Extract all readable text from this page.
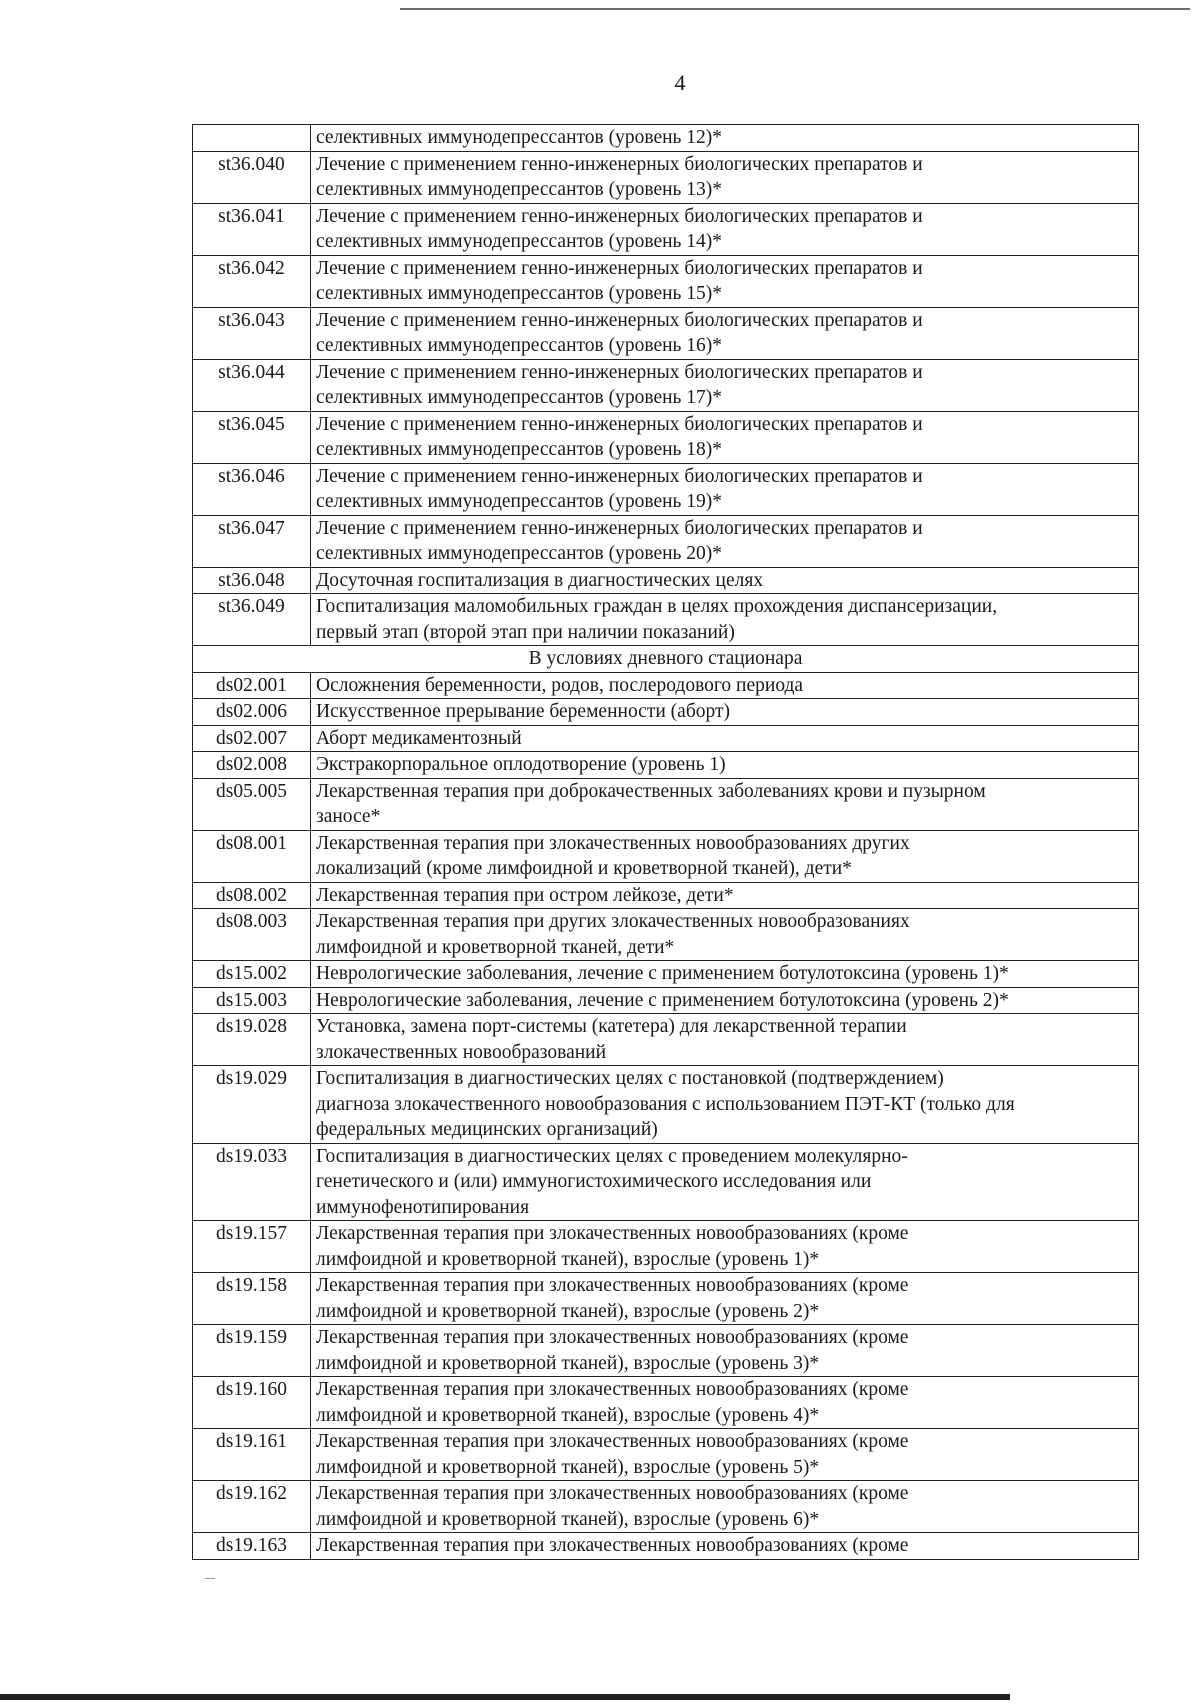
4
	селективных иммунодепрессантов (уровень 12)*
st36.040	Лечение с применением генно-инженерных биологических препаратов и
селективных иммунодепрессантов (уровень 13)*
st36.041	Лечение с применением генно-инженерных биологических препаратов и
селективных иммунодепрессантов (уровень 14)*
st36.042	Лечение с применением генно-инженерных биологических препаратов и
селективных иммунодепрессантов (уровень 15)*
st36.043	Лечение с применением генно-инженерных биологических препаратов и
селективных иммунодепрессантов (уровень 16)*
st36.044	Лечение с применением генно-инженерных биологических препаратов и
селективных иммунодепрессантов (уровень 17)*
st36.045	Лечение с применением генно-инженерных биологических препаратов и
селективных иммунодепрессантов (уровень 18)*
st36.046	Лечение с применением генно-инженерных биологических препаратов и
селективных иммунодепрессантов (уровень 19)*
st36.047	Лечение с применением генно-инженерных биологических препаратов и
селективных иммунодепрессантов (уровень 20)*
st36.048	Досуточная госпитализация в диагностических целях
st36.049	Госпитализация маломобильных граждан в целях прохождения диспансеризации,
первый этап (второй этап при наличии показаний)
В условиях дневного стационара	
ds02.001	Осложнения беременности, родов, послеродового периода
ds02.006	Искусственное прерывание беременности (аборт)
ds02.007	Аборт медикаментозный
ds02.008	Экстракорпоральное оплодотворение (уровень 1)
ds05.005	Лекарственная терапия при доброкачественных заболеваниях крови и пузырном
заносе*
ds08.001	Лекарственная терапия при злокачественных новообразованиях других
локализаций (кроме лимфоидной и кроветворной тканей), дети*
ds08.002	Лекарственная терапия при остром лейкозе, дети*
ds08.003	Лекарственная терапия при других злокачественных новообразованиях
лимфоидной и кроветворной тканей, дети*
ds15.002	Неврологические заболевания, лечение с применением ботулотоксина (уровень 1)*
ds15.003	Неврологические заболевания, лечение с применением ботулотоксина (уровень 2)*
ds19.028	Установка, замена порт-системы (катетера) для лекарственной терапии
злокачественных новообразований
ds19.029	Госпитализация в диагностических целях с постановкой (подтверждением)
диагноза злокачественного новообразования с использованием ПЭТ-КТ (только для
федеральных медицинских организаций)
ds19.033	Госпитализация в диагностических целях с проведением молекулярно-
генетического и (или) иммуногистохимического исследования или
иммунофенотипирования
ds19.157	Лекарственная терапия при злокачественных новообразованиях (кроме
лимфоидной и кроветворной тканей), взрослые (уровень 1)*
ds19.158	Лекарственная терапия при злокачественных новообразованиях (кроме
лимфоидной и кроветворной тканей), взрослые (уровень 2)*
ds19.159	Лекарственная терапия при злокачественных новообразованиях (кроме
лимфоидной и кроветворной тканей), взрослые (уровень 3)*
ds19.160	Лекарственная терапия при злокачественных новообразованиях (кроме
лимфоидной и кроветворной тканей), взрослые (уровень 4)*
ds19.161	Лекарственная терапия при злокачественных новообразованиях (кроме
лимфоидной и кроветворной тканей), взрослые (уровень 5)*
ds19.162	Лекарственная терапия при злокачественных новообразованиях (кроме
лимфоидной и кроветворной тканей), взрослые (уровень 6)*
ds19.163	Лекарственная терапия при злокачественных новообразованиях (кроме
